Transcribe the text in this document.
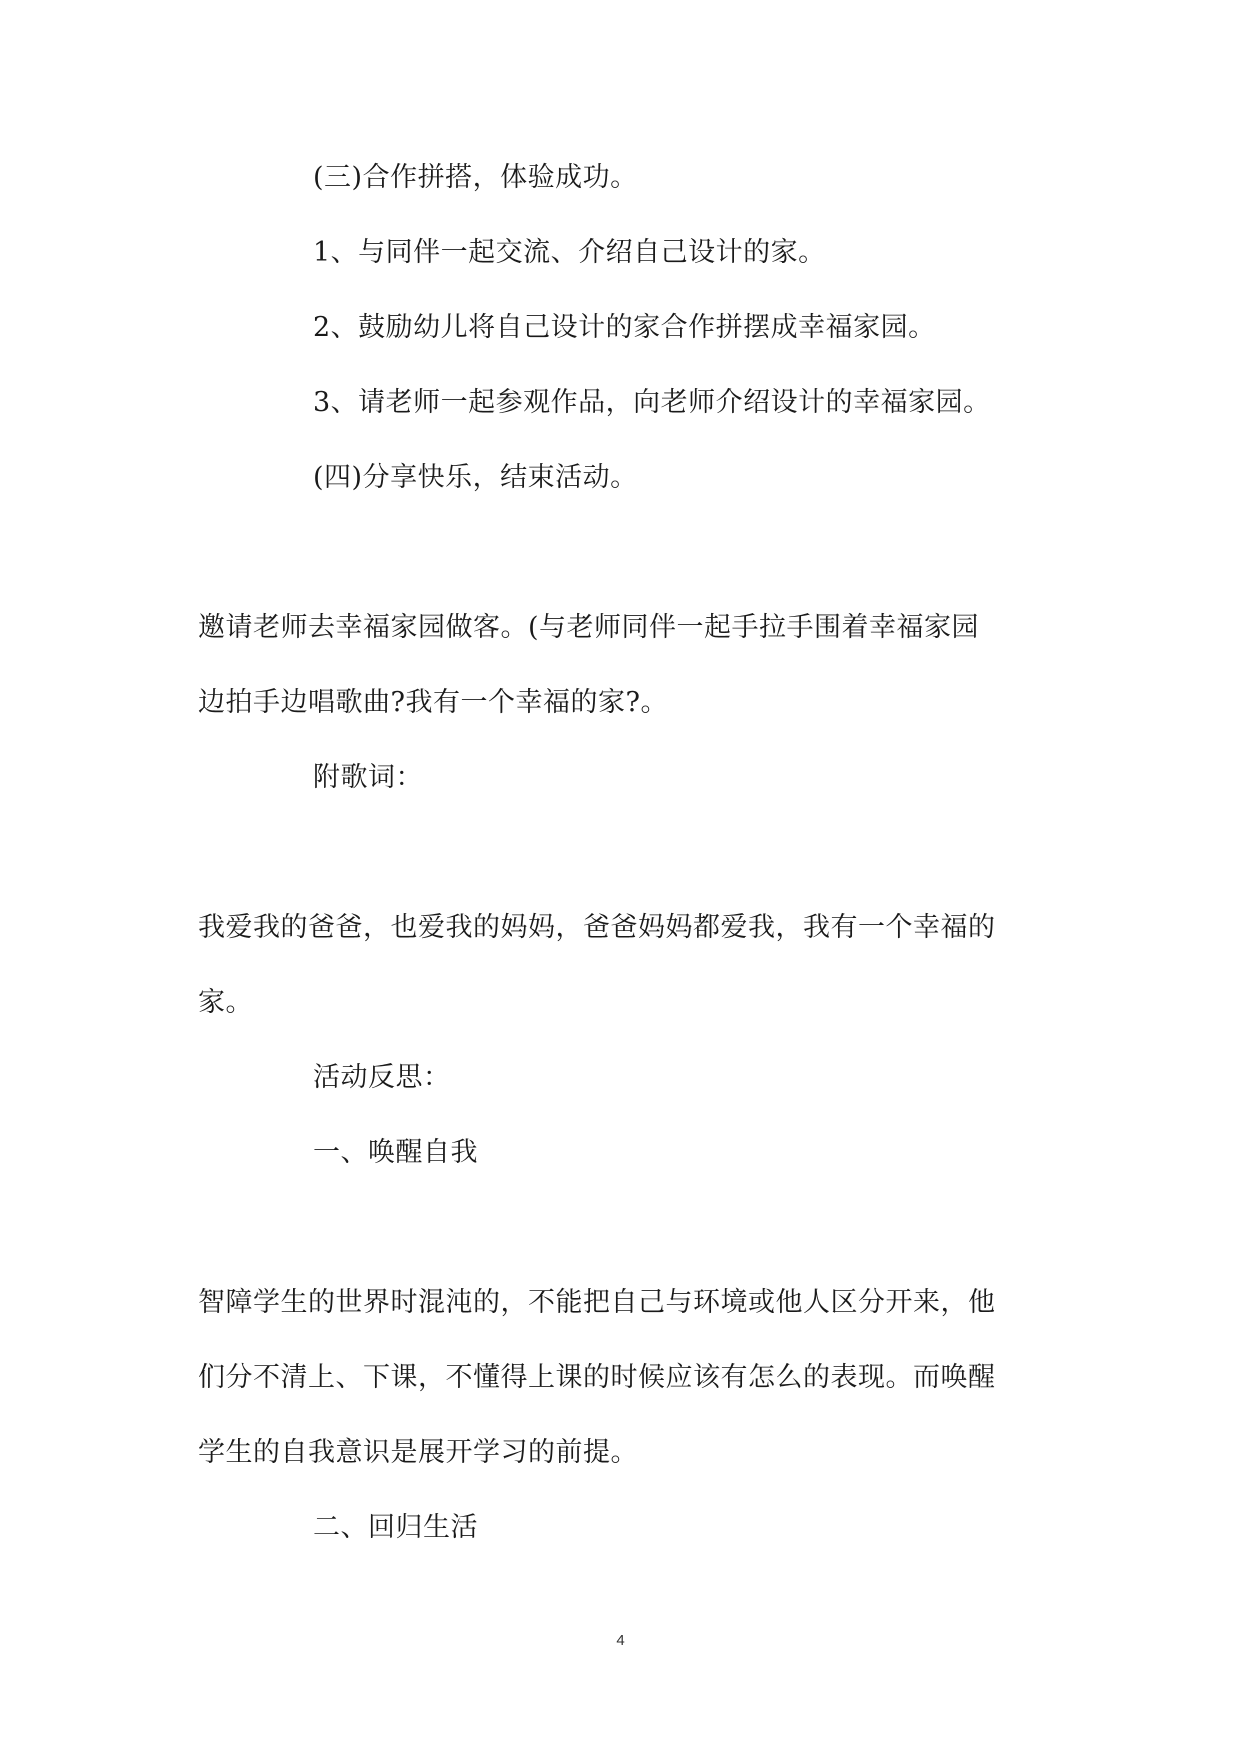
(三)合作拼搭，体验成功。
1、与同伴一起交流、介绍自己设计的家。
2、鼓励幼儿将自己设计的家合作拼摆成幸福家园。
3、请老师一起参观作品，向老师介绍设计的幸福家园。
(四)分享快乐，结束活动。
邀请老师去幸福家园做客。(与老师同伴一起手拉手围着幸福家园
边拍手边唱歌曲?我有一个幸福的家?。
附歌词：
我爱我的爸爸，也爱我的妈妈，爸爸妈妈都爱我，我有一个幸福的
家。
活动反思：
一、唤醒自我
智障学生的世界时混沌的，不能把自己与环境或他人区分开来，他
们分不清上、下课，不懂得上课的时候应该有怎么的表现。而唤醒
学生的自我意识是展开学习的前提。
二、回归生活
4
